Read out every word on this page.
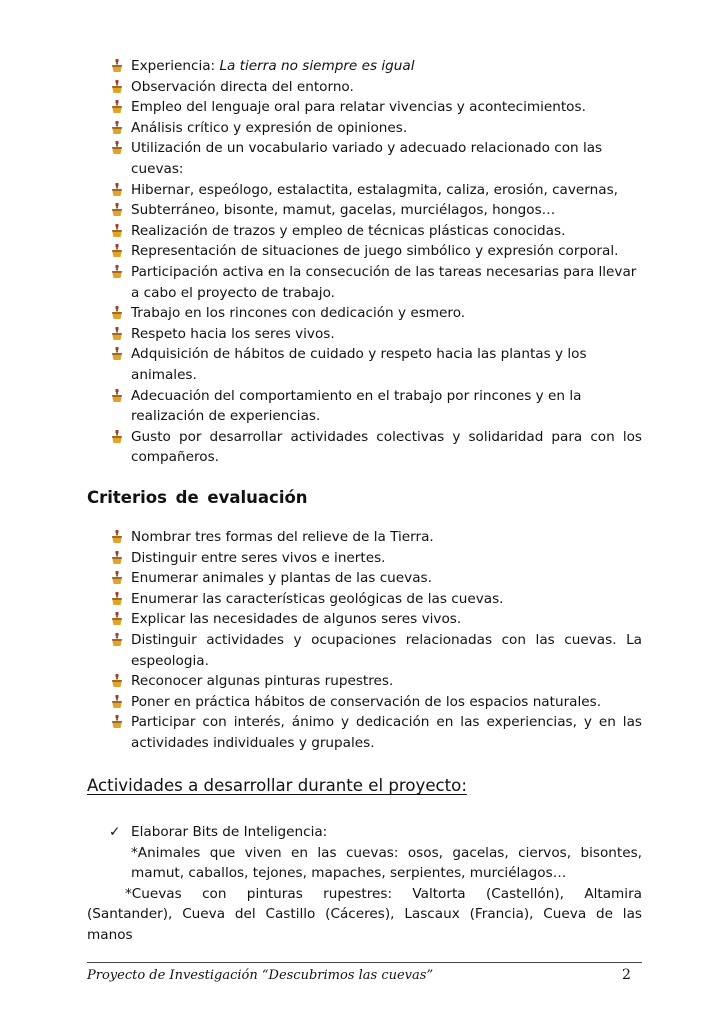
Experiencia: La tierra no siempre es igual
Observación directa del entorno.
Empleo del lenguaje oral para relatar vivencias y acontecimientos.
Análisis crítico y expresión de opiniones.
Utilización de un vocabulario variado y adecuado relacionado con las cuevas:
Hibernar, espeólogo, estalactita, estalagmita, caliza, erosión, cavernas,
Subterráneo, bisonte, mamut, gacelas, murciélagos, hongos…
Realización de trazos y empleo de técnicas plásticas conocidas.
Representación de situaciones de juego simbólico y expresión corporal.
Participación activa en la consecución de las tareas necesarias para llevar a cabo el proyecto de trabajo.
Trabajo en los rincones con dedicación y esmero.
Respeto hacia los seres vivos.
Adquisición de hábitos de cuidado y respeto hacia las plantas y los animales.
Adecuación del comportamiento en el trabajo por rincones y en la realización de experiencias.
Gusto por desarrollar actividades colectivas y solidaridad para con los compañeros.
Criterios de evaluación
Nombrar tres formas del relieve de la Tierra.
Distinguir entre seres vivos e inertes.
Enumerar animales y plantas de las cuevas.
Enumerar las características geológicas de las cuevas.
Explicar las necesidades de algunos seres vivos.
Distinguir actividades y ocupaciones relacionadas con las cuevas. La espeologia.
Reconocer algunas pinturas rupestres.
Poner en práctica hábitos de conservación de los espacios naturales.
Participar con interés, ánimo y dedicación en las experiencias, y en las actividades individuales y grupales.
Actividades a desarrollar durante el proyecto:
✓ Elaborar Bits de Inteligencia:
*Animales que viven en las cuevas: osos, gacelas, ciervos, bisontes, mamut, caballos, tejones, mapaches, serpientes, murciélagos…
*Cuevas con pinturas rupestres: Valtorta (Castellón), Altamira
(Santander), Cueva del Castillo (Cáceres), Lascaux (Francia), Cueva de las manos
Proyecto de Investigación “Descubrimos las cuevas”	2
